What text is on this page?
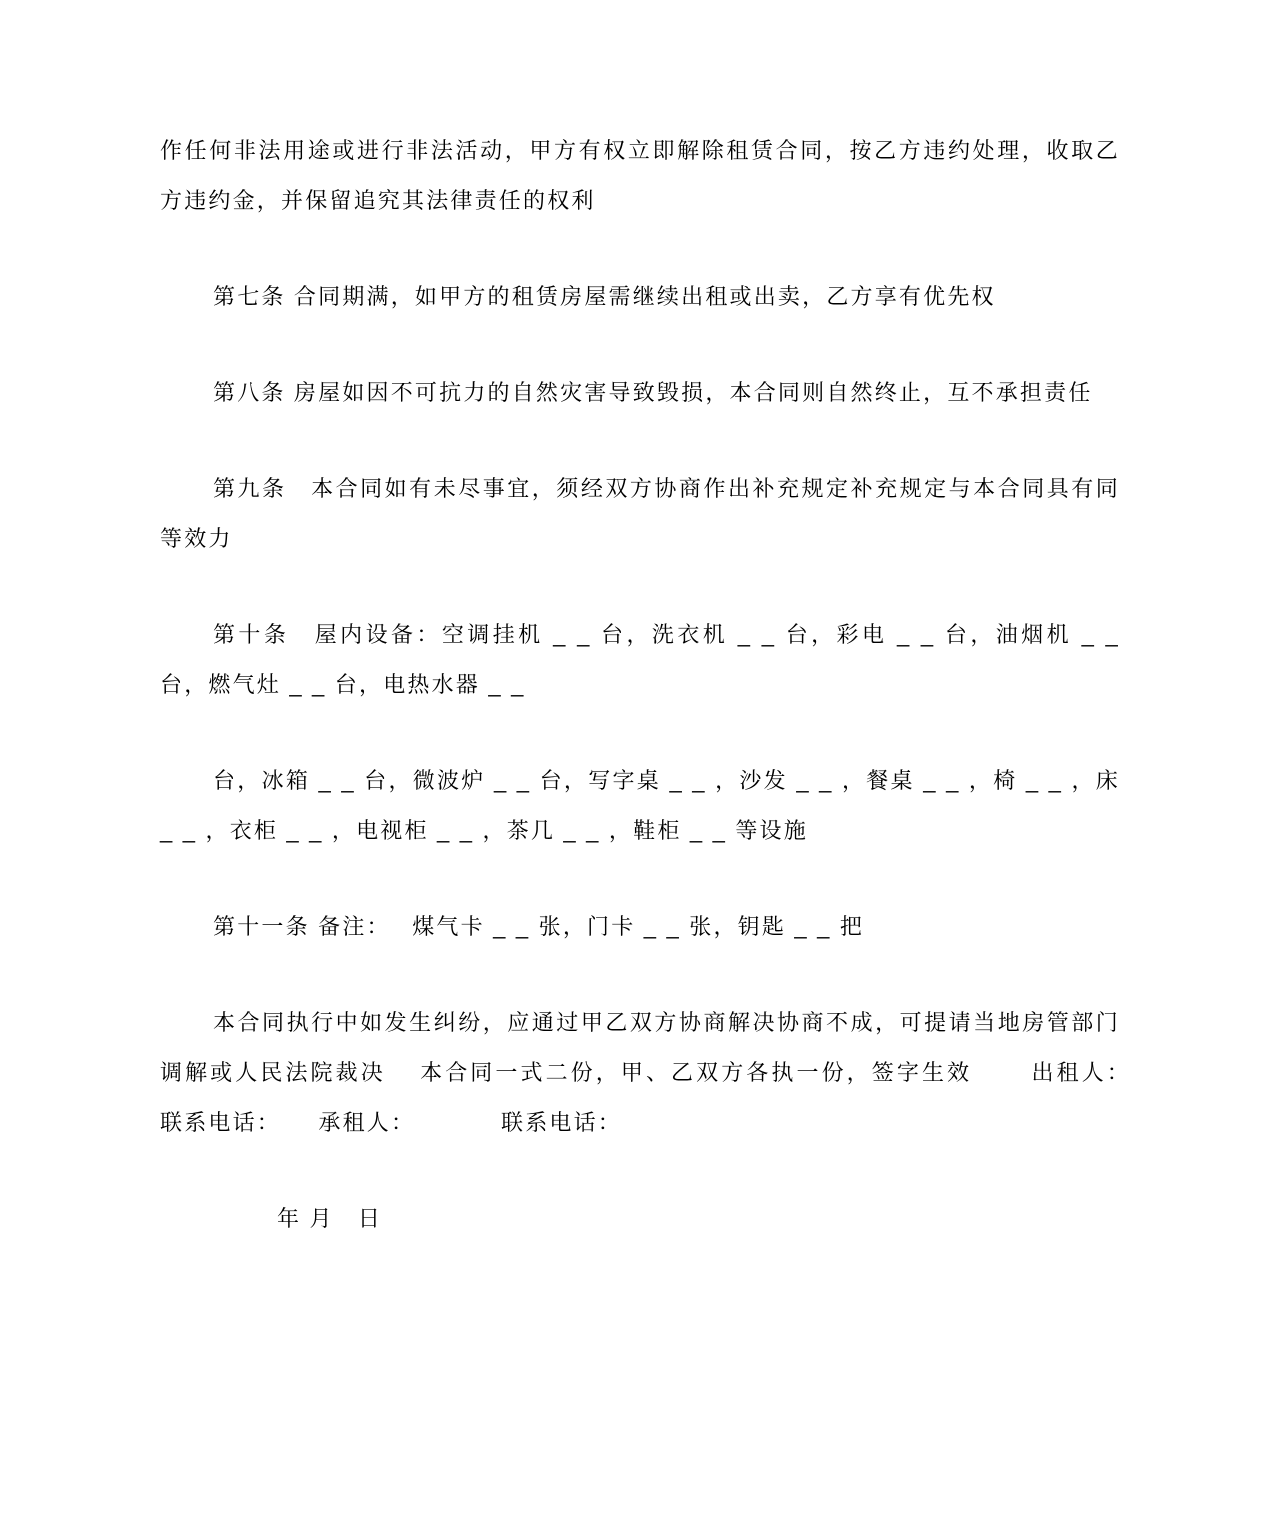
作任何非法用途或进行非法活动，甲方有权立即解除租赁合同，按乙方违约处理，收取乙方违约金，并保留追究其法律责任的权利

第七条 合同期满，如甲方的租赁房屋需继续出租或出卖，乙方享有优先权

第八条 房屋如因不可抗力的自然灾害导致毁损，本合同则自然终止，互不承担责任

第九条　本合同如有未尽事宜，须经双方协商作出补充规定补充规定与本合同具有同等效力

第十条　屋内设备：空调挂机 _ _ 台，洗衣机 _ _ 台，彩电 _ _ 台，油烟机 _ _ 台，燃气灶 _ _ 台，电热水器 _ _

台，冰箱 _ _ 台，微波炉 _ _ 台，写字桌 _ _ ，沙发 _ _ ，餐桌 _ _ ，椅 _ _ ，床 _ _ ，衣柜 _ _ ，电视柜 _ _ ，茶几 _ _ ，鞋柜 _ _ 等设施

第十一条 备注：　 煤气卡 _ _ 张，门卡 _ _ 张，钥匙 _ _ 把

本合同执行中如发生纠纷，应通过甲乙双方协商解决协商不成，可提请当地房管部门调解或人民法院裁决　 本合同一式二份，甲、乙双方各执一份，签字生效　　 出租人：　 联系电话：　　承租人：　　　　联系电话：

年 月　日
